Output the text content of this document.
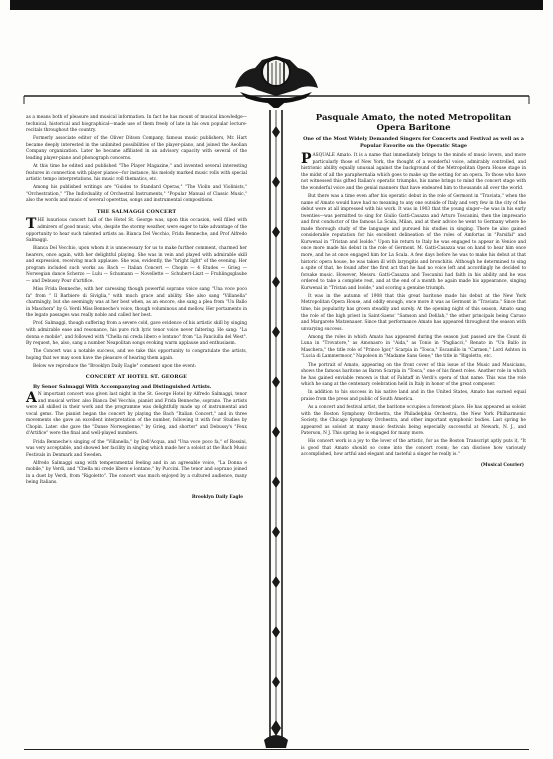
as a means both of pleasure and musical information. In fact he has mount of musical knowledge—technical, historical and biographical—made use of them freely of late in his own popular lecture-recitals throughout the country.

Formerly associate editor of the Oliver Ditson Company, famous music publishers, Mr. Hart became deeply interested in the unlimited possibilities of the player-piano, and joined the Aeolian Company organization. Later he became affiliated in an advisory capacity with several of the leading player-piano and phonograph concerns.

At this time he edited and published "The Player Magazine," and invented several interesting features in connection with player pianos—for instance, his melody marked music rolls with special artistic tempo interpretations. his music roll thematics, etc.

Among his published writings are "Guides to Standard Operas," "The Violin and Violinists," "Orchestration," "The Indivduality of Orchestral Instruments," "Popular Manual of Classic Music," also the words and music of several operettas, songs and instrumental compositions.

THE SALMAGGI CONCERT

THE luxurious concert hall of the Hotel St. George was, upon this occasion, well filled with admirers of good music, who, despite the stormy weather, were eager to take advantage of the opportunity to hear such talented artists as: Bianca Del Vecchio, Frida Benneche, and Prof Alfredo Salmaggi.

Bianca Del Vecchio, upon whom it is unnecessary for us to make further comment, charmed her hearers, once again, with her delightful playing. She was in vein and played with admirable skill and expression, receiving much applause. She was, evidently, the "bright light" of the evening. Her program included such works as: Bach — Italian Concert — Chopin — 4 Etudes — Grieg — Norwegian dance Scherzo — Lulu — Schumann — Novellette — Schubert-Liszt — Fruhlingsglaube — and Debussy Pour d'artifice.

Miss Frida Benneche, with her caressing though powerful soprano voice sang "Una voce poco fa" from " Il Barbiere di Siviglia," with much grace and ability. She also sang "Villanella" charmingly, but she seemingly was at her best when, as an encore, she sang a plea from "Un Ballo in Maschera" by G. Verdi Miss Benneche's voice, though voluminous and mellow, Her portamento in the legato passages was really noble and called her best.

Prof. Salmaggi, though suffering from a severe cold, gave evidence of his artistic skill by singing with admirable ease and resonance, his pure rich lyric tenor voice never faltering. He sang: "La donna e mobile", and followed with "Chella mi creda libero e lontano" from "La Fanciulla del West". By request, he, also, sang a number Neapolitan songs evoking warm applause and enthusiasm.

The Concert was a notable success, and we take this opportunity to congratulate the artists, hoping that we may soon have the pleasure of hearing them again.

Below we reproduce the "Brooklyn Daily Eagle" comment upon the event:

CONCERT AT HOTEL ST. GEORGE

By Senor Salmaggi With Accompanying and Distinguished Artists.

A N important concert was given last night in the St. George Hotel by Alfredo Salmaggi, tenor and musical writer. also Bianca Del Vecchio, pianist and Frida Benneche, soprano. The artists were all skilled in their work and the programme was delightfully made up of instrumental and vocal gems. The pianist began the concert by playing the Bach "Italian Concert," and in three movements she gave an excellent interpretation of the number, following it with four Studies by Chopin. Later. she gave the "Danse Norwegienne," by Grieg, and shorter" and Debussy's "Feux d'Artifice" were the final and well-played numbers.

Frida Benneche's singing of the "Villanella," by Dell'Acqua, and "Una voce poco fa," of Rossini, was very acceptable, and showed her facility in singing which made her a soloist at the Bach Music Festivals in Denmark and Sweden.

Alfredo Salmaggi sang with temperamental feeling and in an agreeable voice, "La Donna e mobile," by Verdi, and "Chella mi crede libero e lontano," by Puccini. The tenor and soprano joined in a duet by Verdi, from "Rigoletto". The concert was much enjoyed by a cultured audience, many being Italians.

Brooklyn Daily Eagle

Pasquale Amato, the noted Metropolitan Opera Baritone
One of the Most Widely Demanded Singers for Concerts and Festival as well as a Popular Favorite on the Operatic Stage

PASQUALE Amato. It is a name that immediately brings to the minds of music lovers, and more particularly those of New York, the thought of a wonderful voice, admirably controlled, and histrionic ability equally unusual against the background of the Metropolitan Opera House stage in the midst of all the paraphernalia which goes to make up the setting for an opera. To those who have not witnessed this gifted Italian's operatic triumphs, his name brings to mind the concert stage with the wonderful voice and the genial manners that have endeared him to thousands all over the world.

But there was a time even after his operatic debut in the role of Germont in "Traviata," when the name of Amato would have had no meaning to any one outside of Italy and very few in the city of the debut were at all impressed with his work. It was in 1903 that the young singer—he was in his early twenties—was permitted to sing for Giulio Gatti-Casazza and Arturo Toscanini, then the impresario and first conductor of the famous La Scala, Milan, and at their advice he went to Germany where he made thorough study of the language and pursued his studies in singing. There he also gained considerable reputation for his excellent delineation of the roles of Amfortas in "Parsifal" and Kurwenal in "Tristan and Isolde." Upon his return to Italy he was engaged to appear in Venice and once more made his debut in the role of Germont. M. Gatti-Casazza was on hand to hear him once more, and he at once engaged him for La Scala. A few days before he was to make his debut at that historic opera house, he was taken ill with laryngitis and bronchitis. Although he determined to sing a spite of that, he found after the first act that he had no voice left and accordingly he decided to forsake music. However, Messrs. Gatti-Casazza and Toscanini had faith in his ability and he was ordered to take a complete rest, and at the end of a month he again made his appearance, singing Kurwenal in "Tristan and Isolde," and scoring a genuine triumph.

It was in the autumn of 1908 that this great baritone made his debut at the New York Metropolitan Opera House, and oddly enough, once more it was as Germont in "Traviata." Since that time, his popularity has grown steadily and surely. At the opening night of this season, Amato sang the role of the high priest in Saint-Saens' "Samson and Delilah," the other principals being Caruso and Margarete Matzenauer. Since that performance Amato has appeared throughout the season with unvarying success.

Among the roles in which Amato has appeared during the season just passed are the Count di Luna in "Trovatore," as Amonasro in "Aida," as Tonio in "Pagliacci," Renato in "Un Ballo in Maschera," the title role of "Prince Igor," Scarpia in "Tosca," Escamillo in "Carmen," Lord Ashton in "Lucia di Lammermoor," Napoleon in "Madame Sans Gene," the title in "Rigoletto, etc.

The portrait of Amato, appearing on the front cover of this issue of the Music and Musicians, shows the famous baritone as Baron Scarpia in "Tosca," one of his finest roles. Another role in which he has gained enviable renown is that of Falstaff in Verdi's opera of that name. This was the role which he sang at the centenary celebration held in Italy in honor of the great composer.

In addition to his success in his native land and in the United States, Amato has earned equal praise from the press and public of South America.

As a concert and festival artist, the baritone occupies a foremost place. He has appeared as soloist with the Boston Symphony Orchestra, the Philadelphia Orchestra, the New York Philharmonic Society, the Chicago Symphony Orchestra, and other important symphonic bodies. Last spring he appeared as soloist at many music festivals being especially successful at Newark, N. J., and Paterson, N J. This spring he is engaged for many more.

His concert work is a joy to the lover of the artistic, for as the Boston Transcript aptly puts it, "It is good that Amato should so come into the concert room; he can disclose how variously accomplished, how artful and elegant and tasteful a singer he really is."

(Musical Courier)
